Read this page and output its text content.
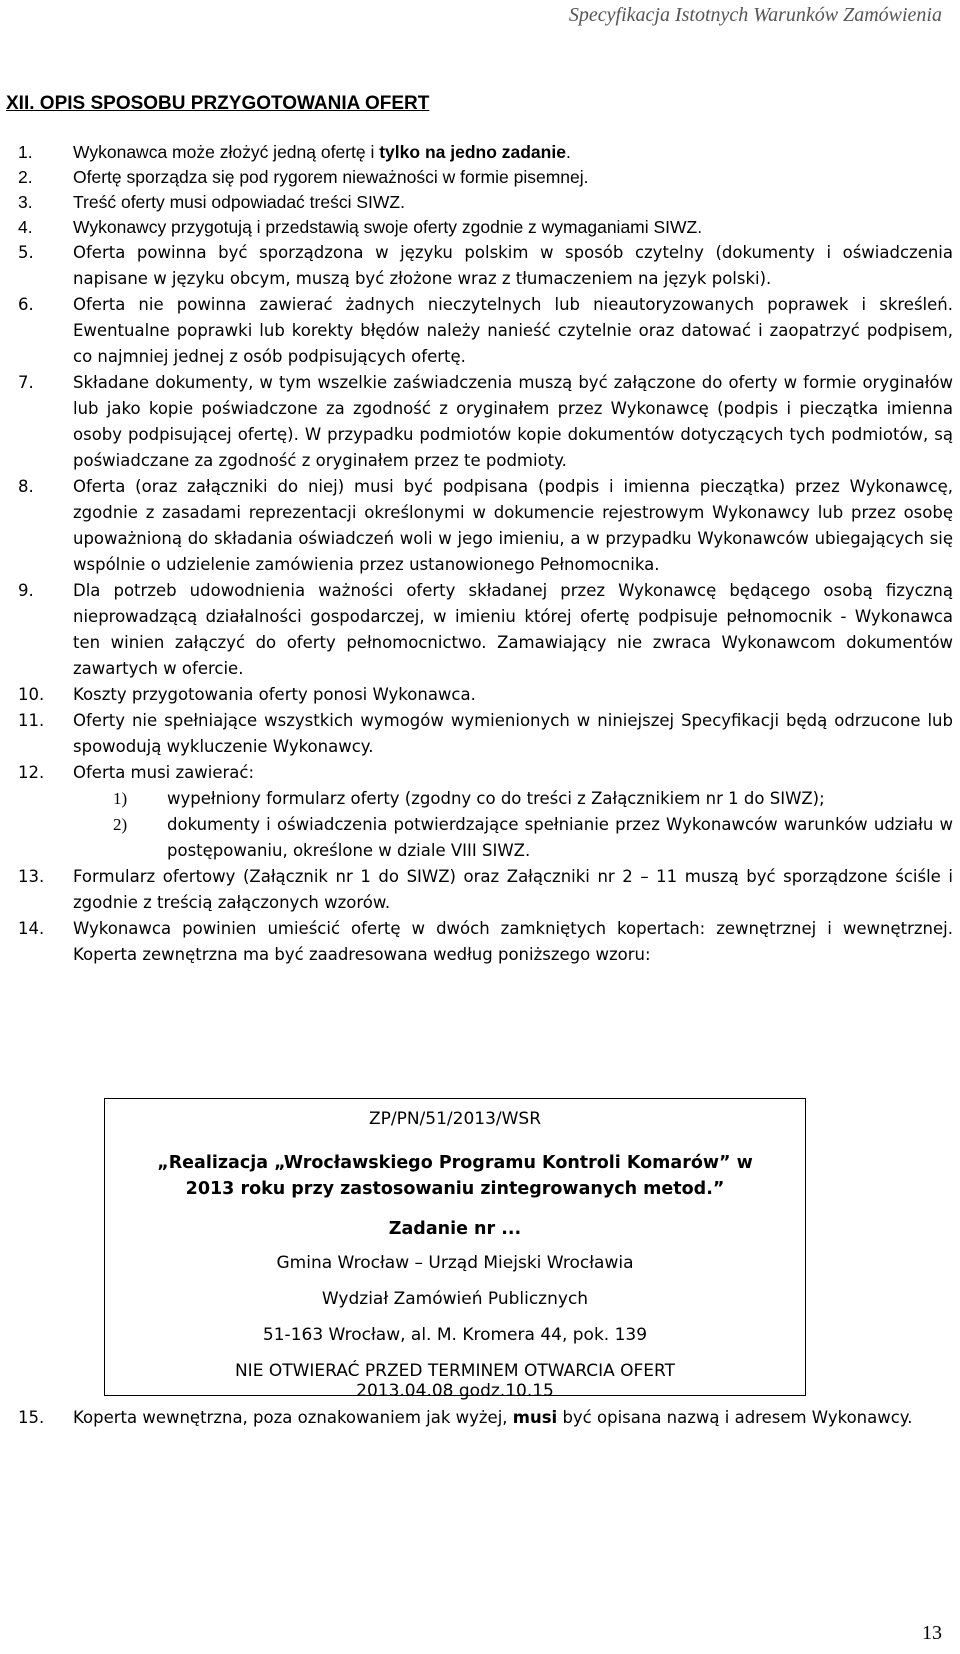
Specyfikacja Istotnych Warunków Zamówienia
XII. OPIS SPOSOBU PRZYGOTOWANIA OFERT
1. Wykonawca może złożyć jedną ofertę i tylko na jedno zadanie.
2. Ofertę sporządza się pod rygorem nieważności w formie pisemnej.
3. Treść oferty musi odpowiadać treści SIWZ.
4. Wykonawcy przygotują i przedstawią swoje oferty zgodnie z wymaganiami SIWZ.
5. Oferta powinna być sporządzona w języku polskim w sposób czytelny (dokumenty i oświadczenia napisane w języku obcym, muszą być złożone wraz z tłumaczeniem na język polski).
6. Oferta nie powinna zawierać żadnych nieczytelnych lub nieautoryzowanych poprawek i skreśleń. Ewentualne poprawki lub korekty błędów należy nanieść czytelnie oraz datować i zaopatrzyć podpisem, co najmniej jednej z osób podpisujących ofertę.
7. Składane dokumenty, w tym wszelkie zaświadczenia muszą być załączone do oferty w formie oryginałów lub jako kopie poświadczone za zgodność z oryginałem przez Wykonawcę (podpis i pieczątka imienna osoby podpisującej ofertę). W przypadku podmiotów kopie dokumentów dotyczących tych podmiotów, są poświadczane za zgodność z oryginałem przez te podmioty.
8. Oferta (oraz załączniki do niej) musi być podpisana (podpis i imienna pieczątka) przez Wykonawcę, zgodnie z zasadami reprezentacji określonymi w dokumencie rejestrowym Wykonawcy lub przez osobę upoważnioną do składania oświadczeń woli w jego imieniu, a w przypadku Wykonawców ubiegających się wspólnie o udzielenie zamówienia przez ustanowionego Pełnomocnika.
9. Dla potrzeb udowodnienia ważności oferty składanej przez Wykonawcę będącego osobą fizyczną nieprowadzącą działalności gospodarczej, w imieniu której ofertę podpisuje pełnomocnik - Wykonawca ten winien załączyć do oferty pełnomocnictwo. Zamawiający nie zwraca Wykonawcom dokumentów zawartych w ofercie.
10. Koszty przygotowania oferty ponosi Wykonawca.
11. Oferty nie spełniające wszystkich wymogów wymienionych w niniejszej Specyfikacji będą odrzucone lub spowodują wykluczenie Wykonawcy.
12. Oferta musi zawierać:
1) wypełniony formularz oferty (zgodny co do treści z Załącznikiem nr 1 do SIWZ);
2) dokumenty i oświadczenia potwierdzające spełnianie przez Wykonawców warunków udziału w postępowaniu, określone w dziale VIII SIWZ.
13. Formularz ofertowy (Załącznik nr 1 do SIWZ) oraz Załączniki nr 2 – 11 muszą być sporządzone ściśle i zgodnie z treścią załączonych wzorów.
14. Wykonawca powinien umieścić ofertę w dwóch zamkniętych kopertach: zewnętrznej i wewnętrznej. Koperta zewnętrzna ma być zaadresowana według poniższego wzoru:
ZP/PN/51/2013/WSR
„Realizacja „Wrocławskiego Programu Kontroli Komarów” w
2013 roku przy zastosowaniu zintegrowanych metod.”
Zadanie nr ...
Gmina Wrocław – Urząd Miejski Wrocławia
Wydział Zamówień Publicznych
51-163 Wrocław, al. M. Kromera 44, pok. 139
NIE OTWIERAĆ PRZED TERMINEM OTWARCIA OFERT
2013.04.08 godz.10.15
15. Koperta wewnętrzna, poza oznakowaniem jak wyżej, musi być opisana nazwą i adresem Wykonawcy.
13
